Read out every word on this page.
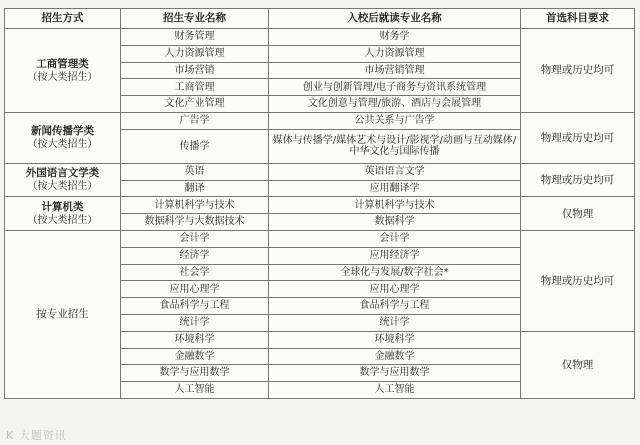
招生方式	招生专业名称	入校后就读专业名称	首选科目要求
工商管理类
（按大类招生）	财务管理	财务学	物理或历史均可
	人力资源管理	人力资源管理	
	市场营销	市场营销管理	
	工商管理	创业与创新管理/电子商务与资讯系统管理	
	文化产业管理	文化创意与管理/旅游、酒店与会展管理	
新闻传播学类
（按大类招生）	广告学	公共关系与广告学	物理或历史均可
	传播学	媒体与传播学/媒体艺术与设计/影视学/动画与互动媒体/中华文化与国际传播	
外国语言文学类
（按大类招生）	英语	英语语言文学	物理或历史均可
	翻译	应用翻译学	
计算机类
（按大类招生）	计算机科学与技术	计算机科学与技术	仅物理
	数据科学与大数据技术	数据科学	
按专业招生	会计学	会计学	物理或历史均可
	经济学	应用经济学	
	社会学	全球化与发展/数字社会*	
	应用心理学	应用心理学	
	食品科学与工程	食品科学与工程	
	统计学	统计学	
	环境科学	环境科学	仅物理
	金融数学	金融数学	
	数学与应用数学	数学与应用数学	
	人工智能	人工智能	
K 大题资讯
